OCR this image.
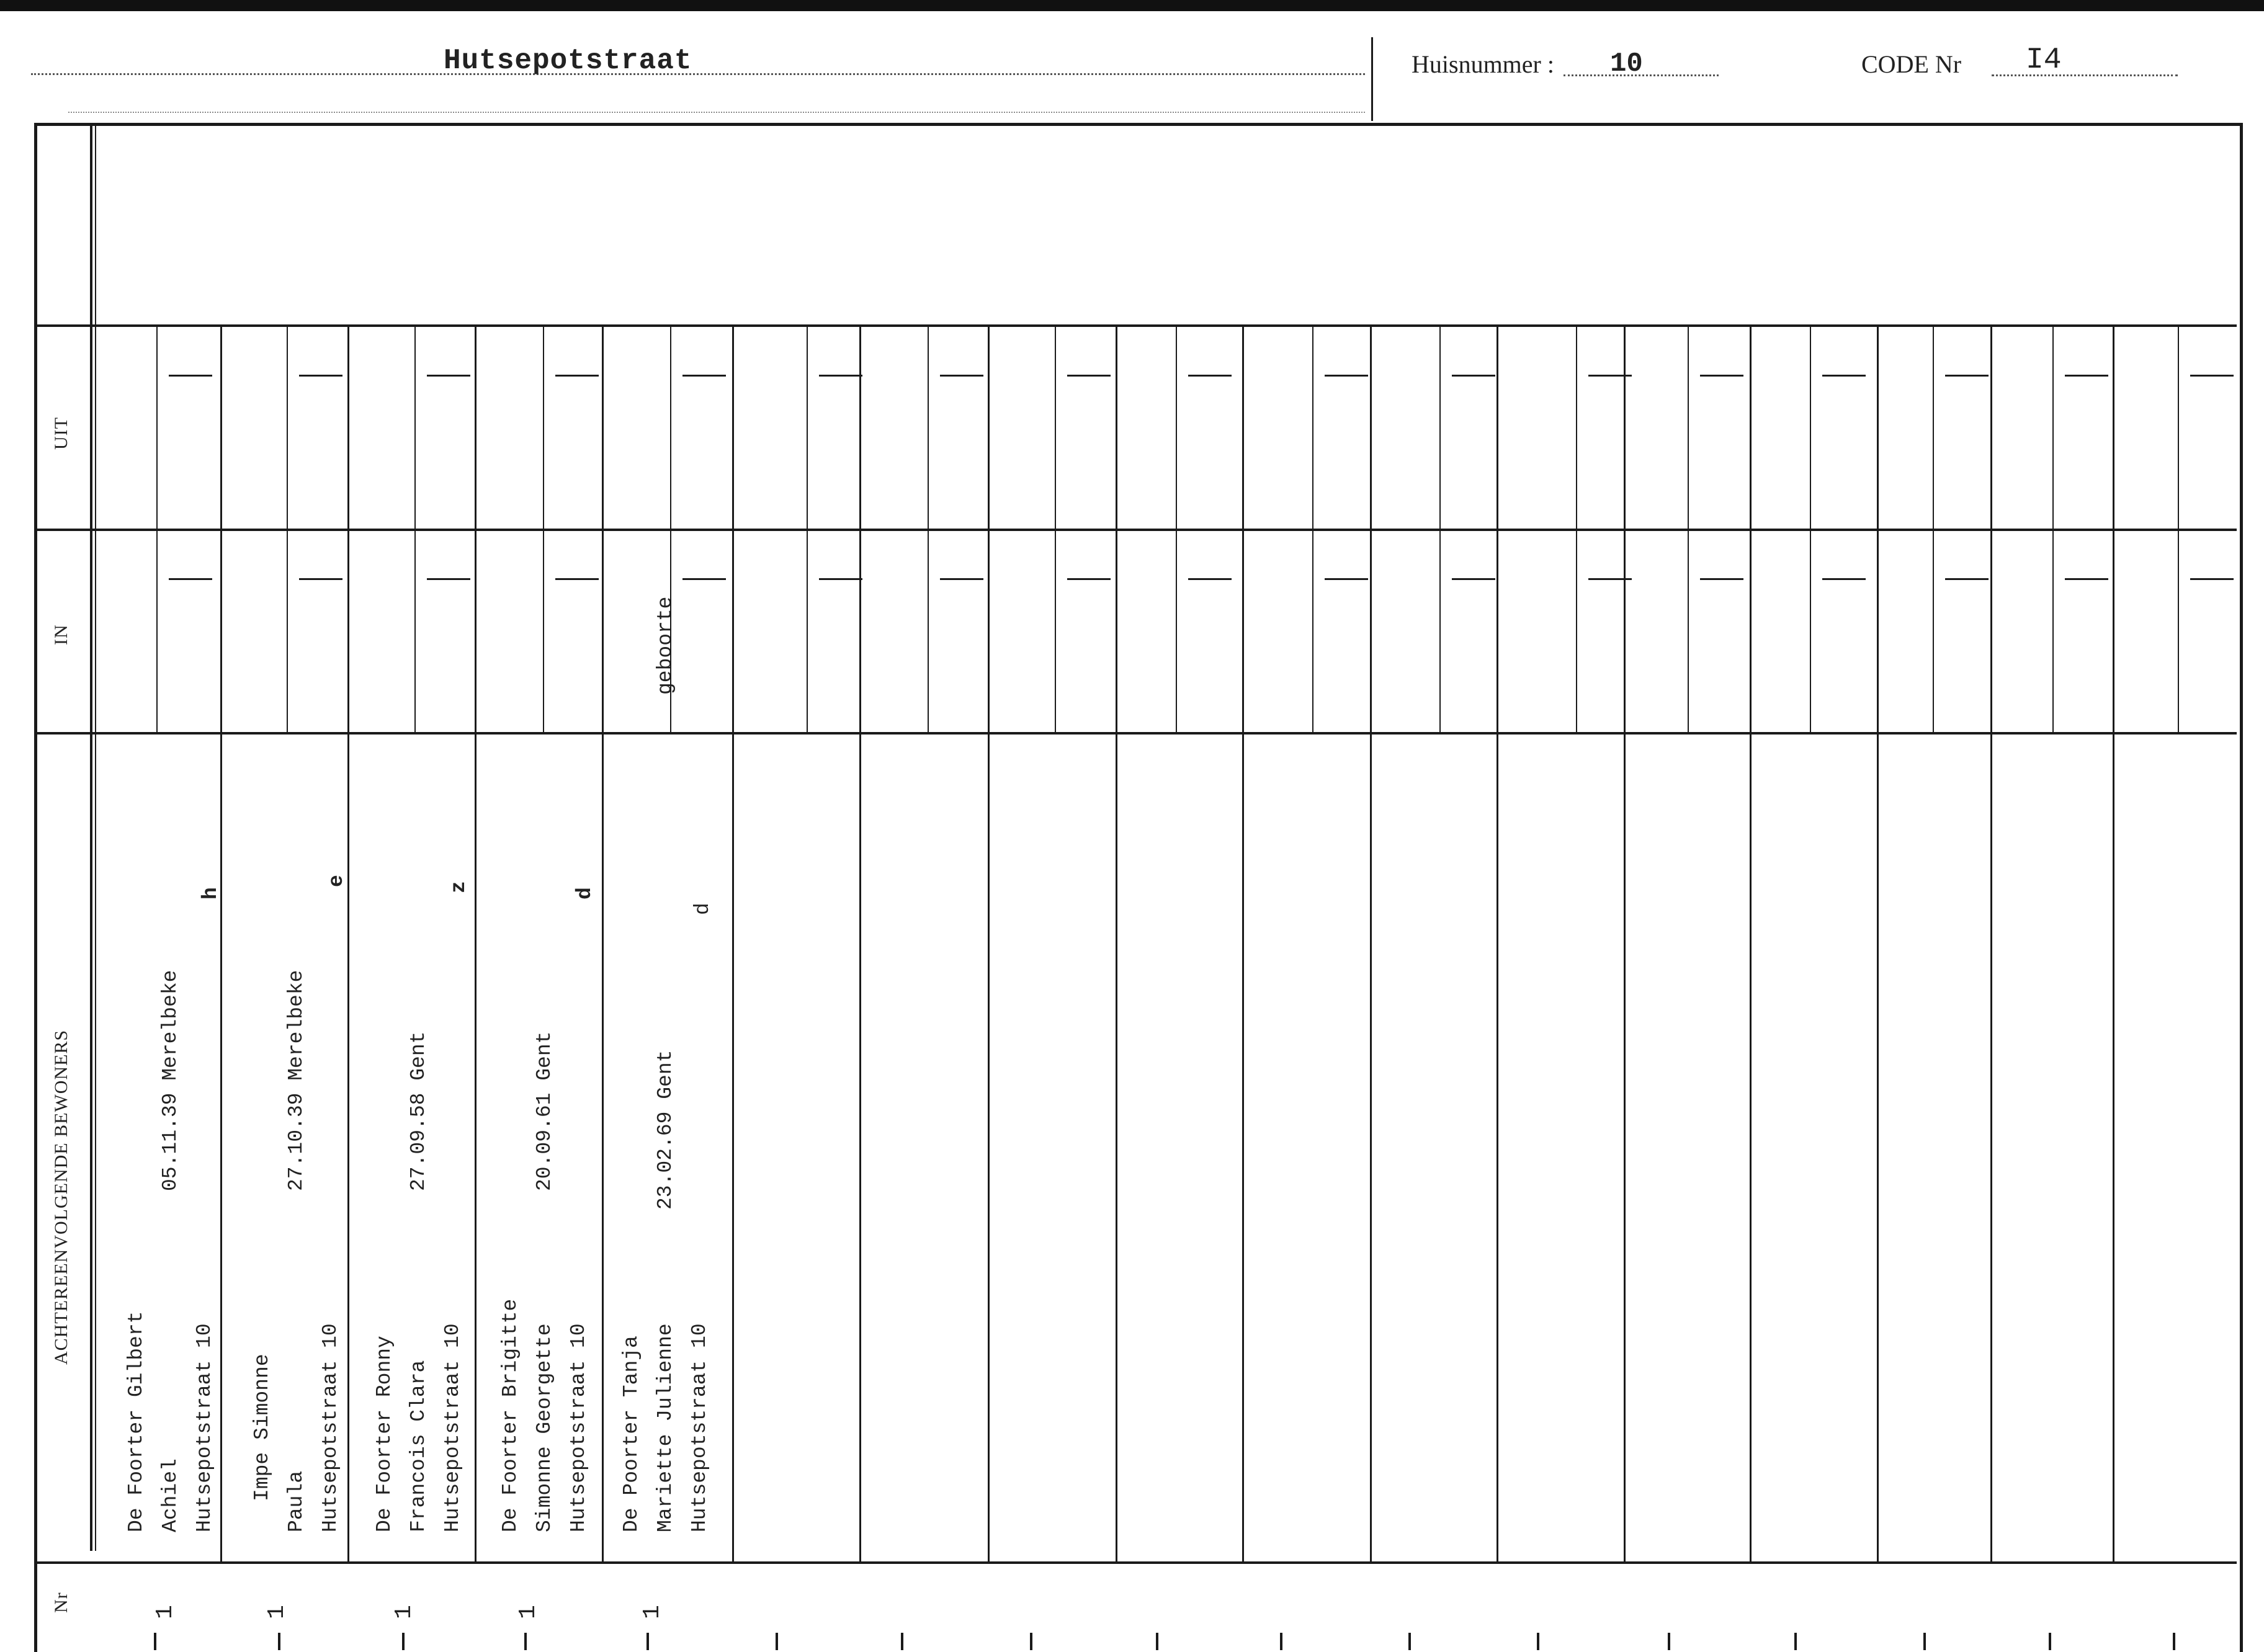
Hutsepotstraat	Huisnummer : 10	CODE Nr I4
UIT
IN
ACHTEREENVOLGENDE BEWONERS
Nr
De Foorter Gilbert Achiel Hutsepotstraat 10
05.11.39 Merelbeke
h
1
Impe Simonne
Paula Hutsepotstraat 10
27.10.39 Merelbeke
e
1
De Foorter Ronny Francois Clara Hutsepotstraat 10
27.09.58 Gent
z
1
De Foorter Brigitte Simonne Georgette Hutsepotstraat 10
20.09.61 Gent
d
1
De Poorter Tanja Mariette Julienne Hutsepotstraat 10
23.02.69 Gent
d
geboorte
1
